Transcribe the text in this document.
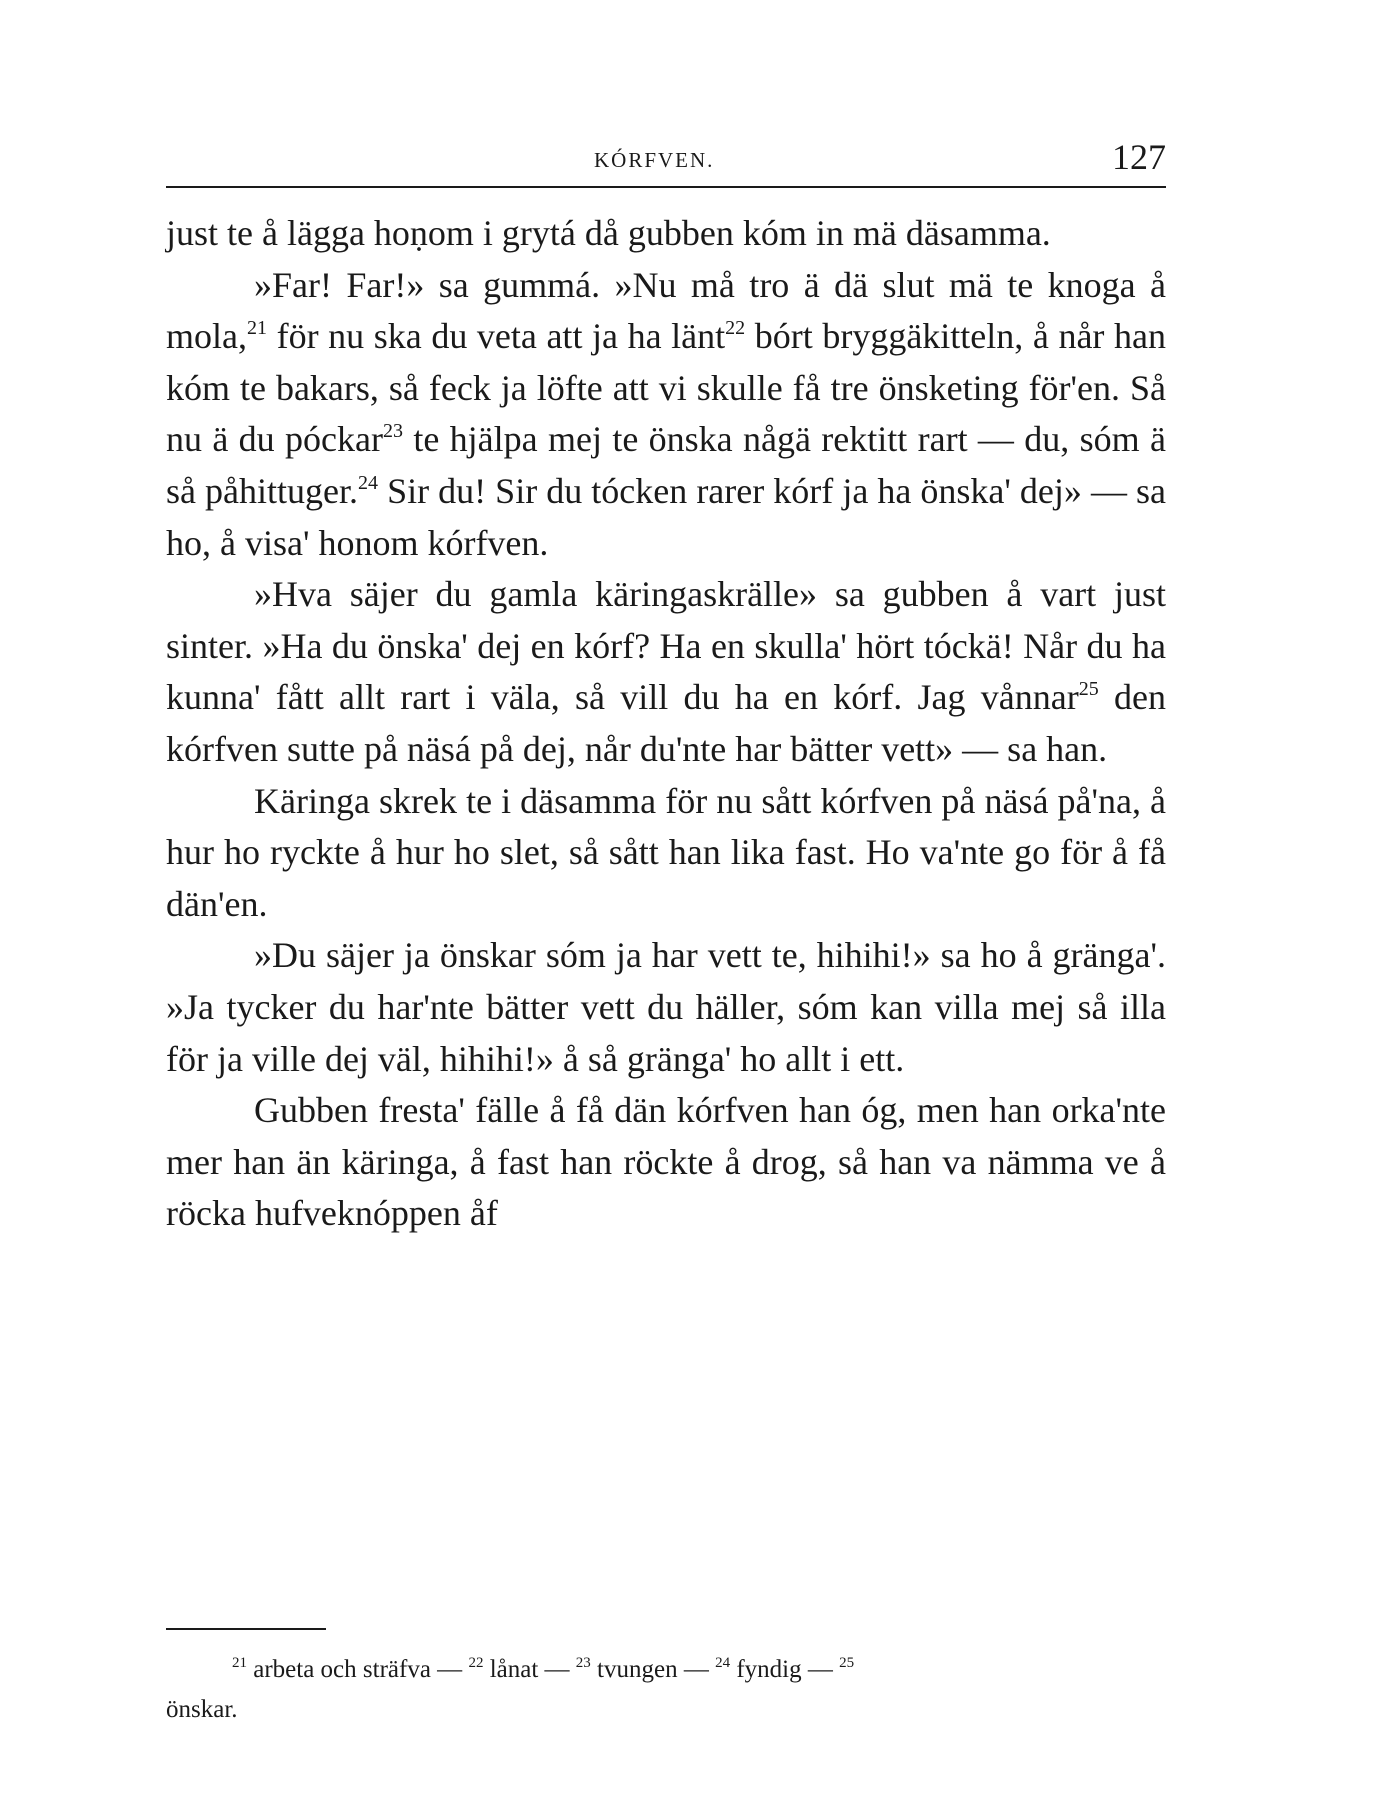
KÓRFVEN.	127

just te å lägga hoṇom i grytá då gubben kóm in mä däsamma.

»Far! Far!» sa gummá. »Nu må tro ä dä slut mä te knoga å mola,$^{21}$ för nu ska du veta att ja ha länt$^{22}$ bórt bryggäkitteln, å når han kóm te bakars, så feck ja löfte att vi skulle få tre önsketing för'en. Så nu ä du póckar$^{23}$ te hjälpa mej te önska någä rektitt rart — du, sóm ä så påhittuger.$^{24}$ Sir du! Sir du tócken rarer kórf ja ha önska' dej» — sa ho, å visa' honom kórfven.

»Hva säjer du gamla käringaskrälle» sa gubben å vart just sinter. »Ha du önska' dej en kórf? Ha en skulla' hört tóckä! Når du ha kunna' fått allt rart i väla, så vill du ha en kórf. Jag vånnar$^{25}$ den kórfven sutte på näsá på dej, når du'nte har bätter vett» — sa han.

Käringa skrek te i däsamma för nu sått kórfven på näsá på'na, å hur ho ryckte å hur ho slet, så sått han lika fast. Ho va'nte go för å få dän'en.

»Du säjer ja önskar sóm ja har vett te, hihihi!» sa ho å gränga'. »Ja tycker du har'nte bätter vett du häller, sóm kan villa mej så illa för ja ville dej väl, hihihi!» å så gränga' ho allt i ett.

Gubben fresta' fälle å få dän kórfven han óg, men han orka'nte mer han än käringa, å fast han röckte å drog, så han va nämma ve å röcka hufveknóppen åf

$^{21}$ arbeta och sträfva — $^{22}$ lånat — $^{23}$ tvungen — $^{24}$ fyndig — $^{25}$

önskar.
